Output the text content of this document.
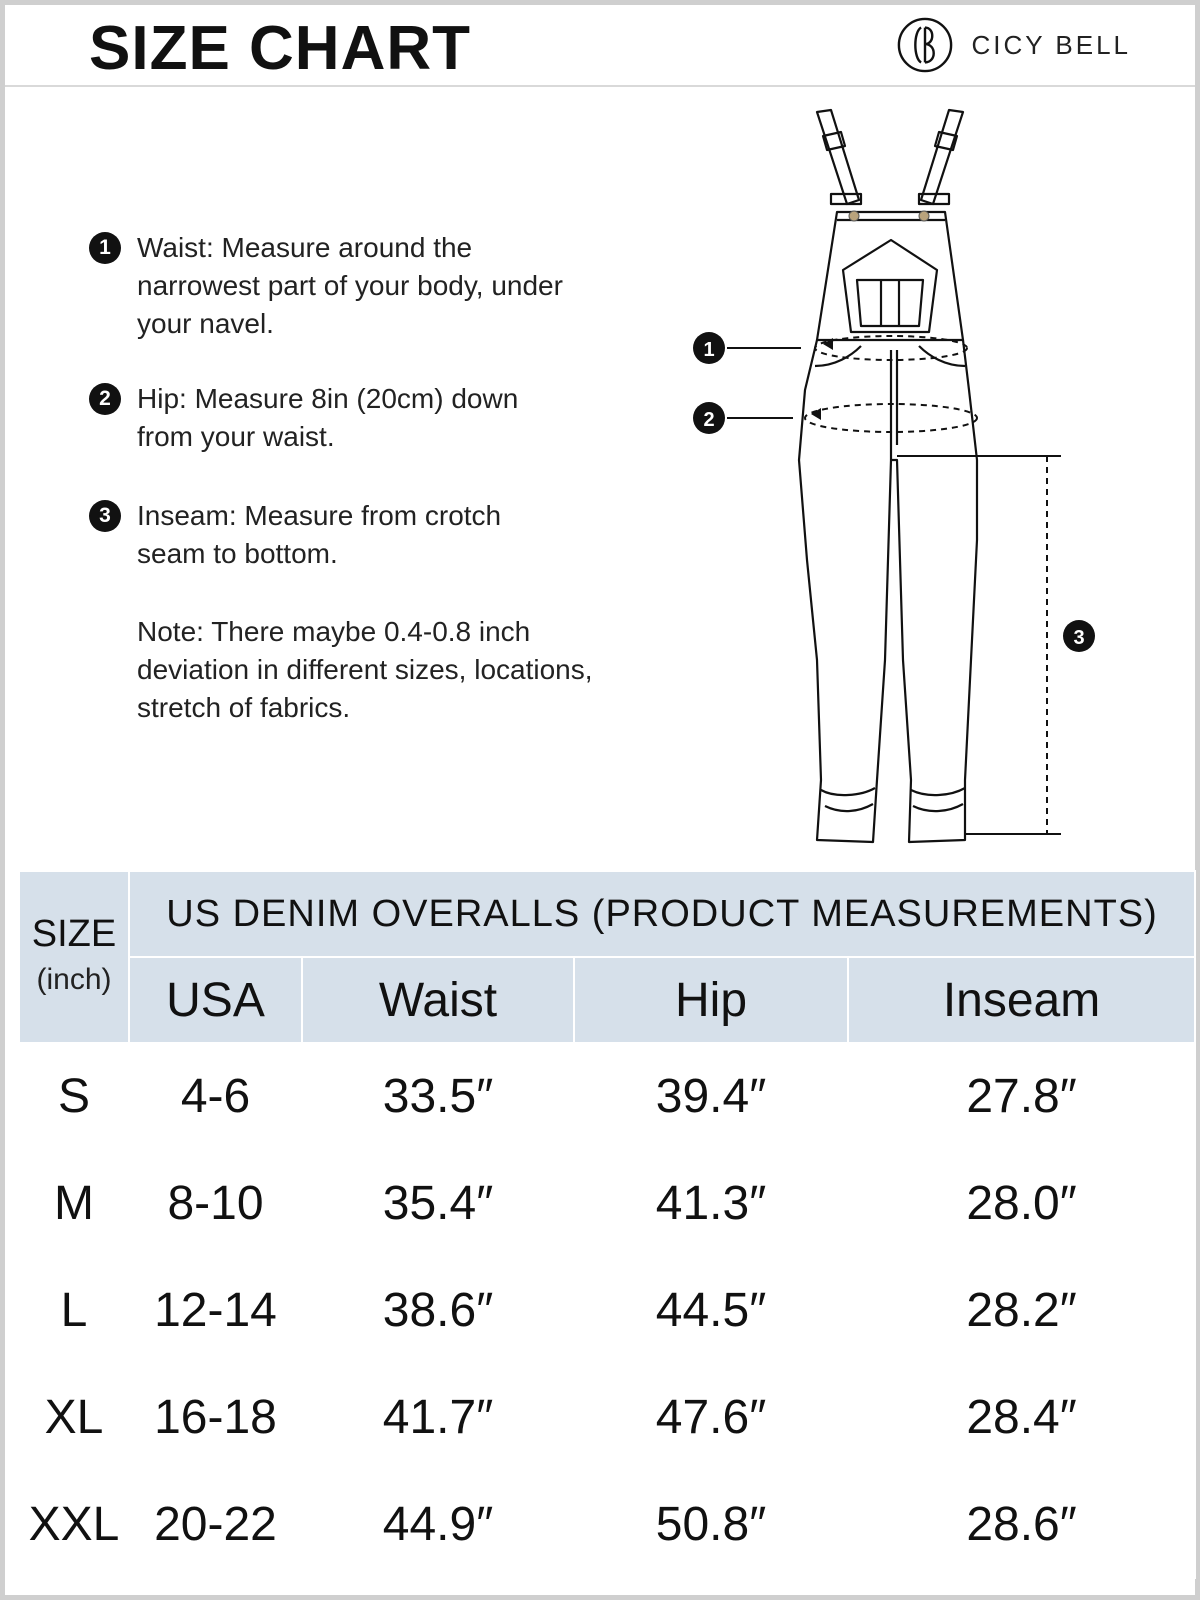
SIZE CHART	CICY BELL
1 Waist: Measure around the narrowest part of your body, under your navel.
2 Hip: Measure 8in (20cm) down from your waist.
3 Inseam: Measure from crotch seam to bottom.
Note: There maybe 0.4-0.8 inch deviation in different sizes, locations, stretch of fabrics.
1
2
3
SIZE
(inch)	US DENIM OVERALLS (PRODUCT MEASUREMENTS)			
	USA	Waist	Hip	Inseam
S	4-6	33.5″	39.4″	27.8″
M	8-10	35.4″	41.3″	28.0″
L	12-14	38.6″	44.5″	28.2″
XL	16-18	41.7″	47.6″	28.4″
XXL	20-22	44.9″	50.8″	28.6″
